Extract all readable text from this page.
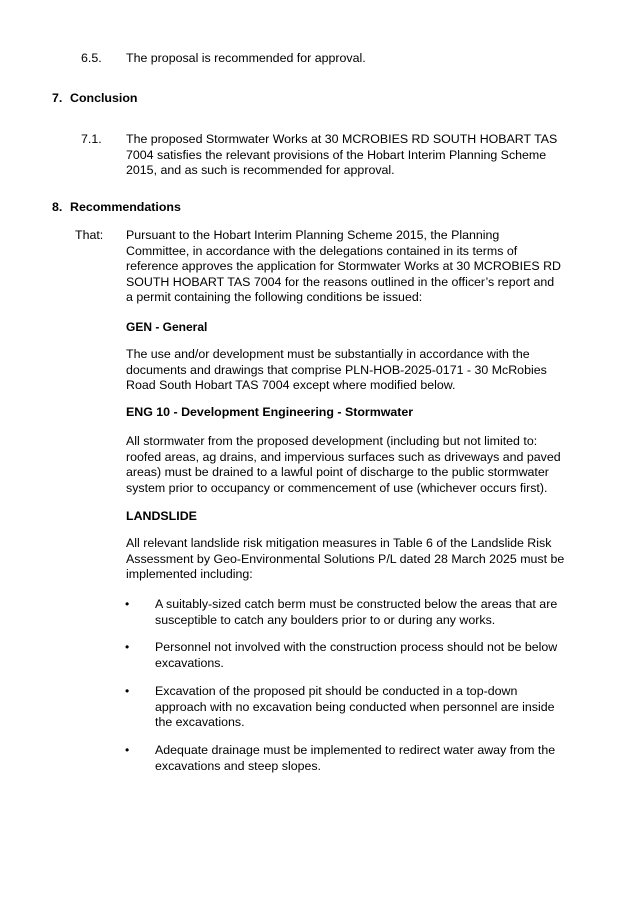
6.5. The proposal is recommended for approval.
7. Conclusion
7.1. The proposed Stormwater Works at 30 MCROBIES RD SOUTH HOBART TAS
7004 satisfies the relevant provisions of the Hobart Interim Planning Scheme
2015, and as such is recommended for approval.
8. Recommendations
That: Pursuant to the Hobart Interim Planning Scheme 2015, the Planning
Committee, in accordance with the delegations contained in its terms of
reference approves the application for Stormwater Works at 30 MCROBIES RD
SOUTH HOBART TAS 7004 for the reasons outlined in the officer’s report and
a permit containing the following conditions be issued:
GEN - General
The use and/or development must be substantially in accordance with the
documents and drawings that comprise PLN-HOB-2025-0171 - 30 McRobies
Road South Hobart TAS 7004 except where modified below.
ENG 10 - Development Engineering - Stormwater
All stormwater from the proposed development (including but not limited to:
roofed areas, ag drains, and impervious surfaces such as driveways and paved
areas) must be drained to a lawful point of discharge to the public stormwater
system prior to occupancy or commencement of use (whichever occurs first).
LANDSLIDE
All relevant landslide risk mitigation measures in Table 6 of the Landslide Risk
Assessment by Geo-Environmental Solutions P/L dated 28 March 2025 must be
implemented including:
• A suitably-sized catch berm must be constructed below the areas that are
susceptible to catch any boulders prior to or during any works.
• Personnel not involved with the construction process should not be below
excavations.
• Excavation of the proposed pit should be conducted in a top-down
approach with no excavation being conducted when personnel are inside
the excavations.
• Adequate drainage must be implemented to redirect water away from the
excavations and steep slopes.
